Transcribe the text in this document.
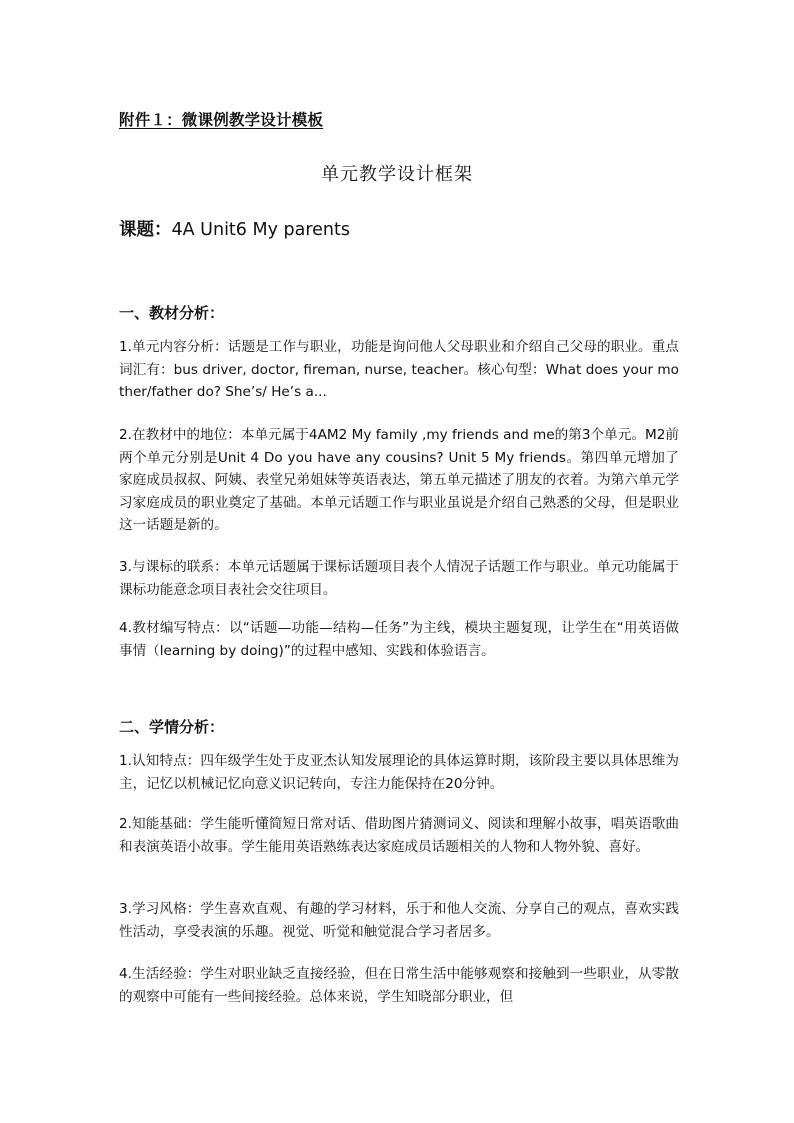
附件１：微课例教学设计模板
单元教学设计框架
课题：4A Unit6 My parents
一、教材分析：
1.单元内容分析：话题是工作与职业，功能是询问他人父母职业和介绍自己父母的职业。重点词汇有：bus driver, doctor, fireman, nurse, teacher。核心句型：What does your mother/father do? She’s/ He’s a...
2.在教材中的地位：本单元属于4AM2 My family ,my friends and me的第3个单元。M2前两个单元分别是Unit 4 Do you have any cousins? Unit 5 My friends。第四单元增加了家庭成员叔叔、阿姨、表堂兄弟姐妹等英语表达，第五单元描述了朋友的衣着。为第六单元学习家庭成员的职业奠定了基础。本单元话题工作与职业虽说是介绍自己熟悉的父母，但是职业这一话题是新的。
3.与课标的联系：本单元话题属于课标话题项目表个人情况子话题工作与职业。单元功能属于课标功能意念项目表社会交往项目。
4.教材编写特点：以“话题—功能—结构—任务”为主线，模块主题复现，让学生在“用英语做事情（learning by doing)”的过程中感知、实践和体验语言。
二、学情分析：
1.认知特点：四年级学生处于皮亚杰认知发展理论的具体运算时期，该阶段主要以具体思维为主，记忆以机械记忆向意义识记转向，专注力能保持在20分钟。
2.知能基础：学生能听懂简短日常对话、借助图片猜测词义、阅读和理解小故事，唱英语歌曲和表演英语小故事。学生能用英语熟练表达家庭成员话题相关的人物和人物外貌、喜好。
3.学习风格：学生喜欢直观、有趣的学习材料，乐于和他人交流、分享自己的观点，喜欢实践性活动，享受表演的乐趣。视觉、听觉和触觉混合学习者居多。
4.生活经验：学生对职业缺乏直接经验，但在日常生活中能够观察和接触到一些职业，从零散的观察中可能有一些间接经验。总体来说，学生知晓部分职业，但
